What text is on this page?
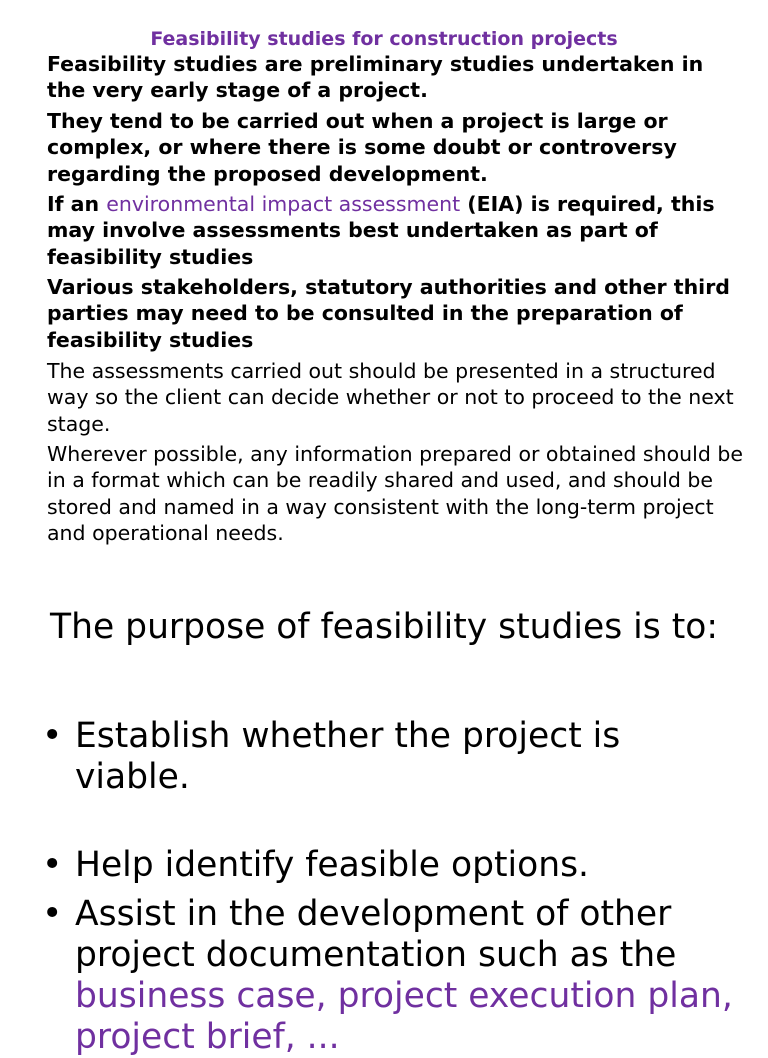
Feasibility studies for construction projects

Feasibility studies are preliminary studies undertaken in the very early stage of a project.

They tend to be carried out when a project is large or complex, or where there is some doubt or controversy regarding the proposed development.

If an environmental impact assessment (EIA) is required, this may involve assessments best undertaken as part of feasibility studies

Various stakeholders, statutory authorities and other third parties may need to be consulted in the preparation of feasibility studies

The assessments carried out should be presented in a structured way so the client can decide whether or not to proceed to the next stage.

Wherever possible, any information prepared or obtained should be in a format which can be readily shared and used, and should be stored and named in a way consistent with the long-term project and operational needs.

The purpose of feasibility studies is to:
• Establish whether the project is viable.
• Help identify feasible options.
• Assist in the development of other project documentation such as the business case, project execution plan, project brief, ...
